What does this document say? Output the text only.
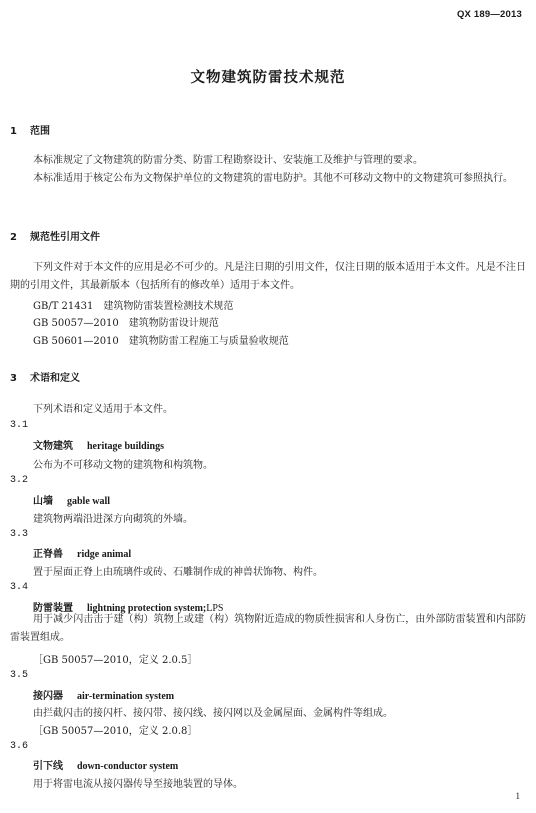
QX 189—2013
文物建筑防雷技术规范
1 范围
本标准规定了文物建筑的防雷分类、防雷工程勘察设计、安装施工及维护与管理的要求。
本标准适用于核定公布为文物保护单位的文物建筑的雷电防护。其他不可移动文物中的文物建筑可参照执行。
2 规范性引用文件
下列文件对于本文件的应用是必不可少的。凡是注日期的引用文件，仅注日期的版本适用于本文件。凡是不注日期的引用文件，其最新版本（包括所有的修改单）适用于本文件。
GB/T 21431　建筑物防雷装置检测技术规范
GB 50057—2010　建筑物防雷设计规范
GB 50601—2010　建筑物防雷工程施工与质量验收规范
3 术语和定义
下列术语和定义适用于本文件。
3.1
文物建筑 heritage buildings
公布为不可移动文物的建筑物和构筑物。
3.2
山墙 gable wall
建筑物两端沿进深方向砌筑的外墙。
3.3
正脊兽 ridge animal
置于屋面正脊上由琉璃件或砖、石雕制作成的神兽状饰物、构件。
3.4
防雷装置 lightning protection system;LPS
用于减少闪击击于建（构）筑物上或建（构）筑物附近造成的物质性损害和人身伤亡，由外部防雷装置和内部防雷装置组成。
［GB 50057—2010，定义 2.0.5］
3.5
接闪器 air-termination system
由拦截闪击的接闪杆、接闪带、接闪线、接闪网以及金属屋面、金属构件等组成。
［GB 50057—2010，定义 2.0.8］
3.6
引下线 down-conductor system
用于将雷电流从接闪器传导至接地装置的导体。
1
